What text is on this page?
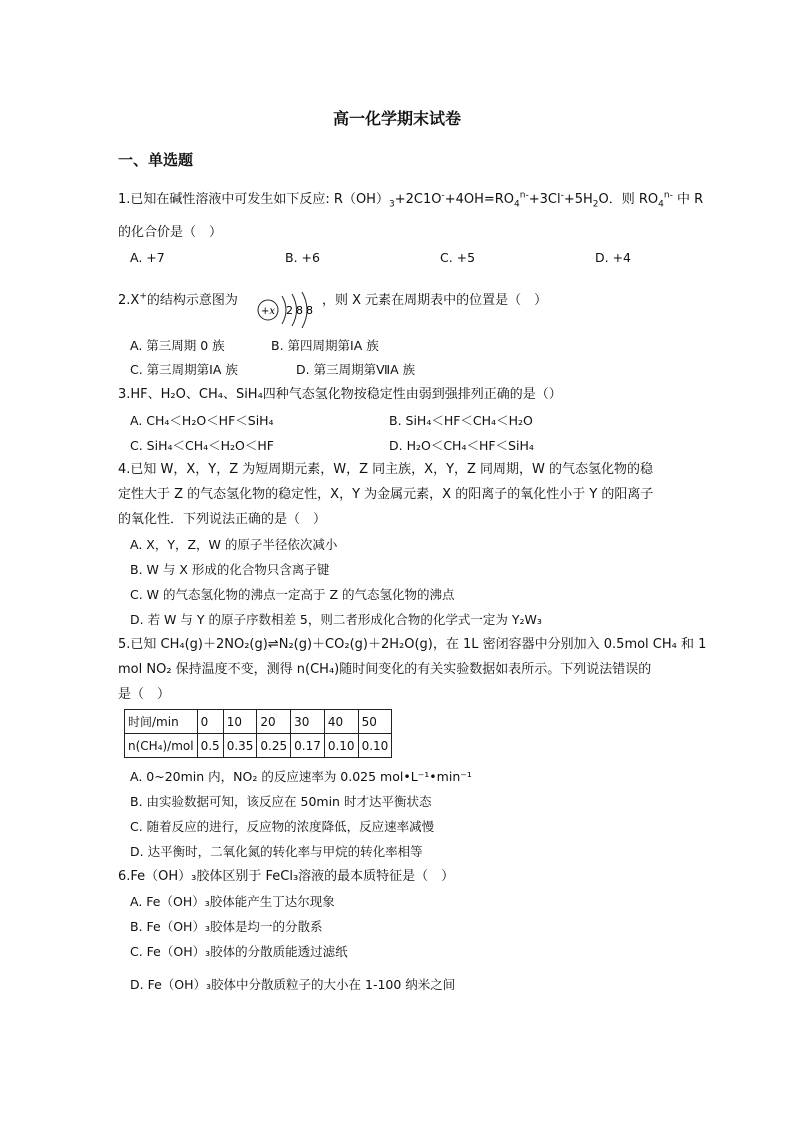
高一化学期末试卷
一、单选题
1.已知在碱性溶液中可发生如下反应: $R(OH)_3+2C1O^-+4OH=RO_4^{n-}+3Cl^-+5H_2O$．则 $RO_4^{n-}$ 中 R
的化合价是（　）
A. +7	B. +6	C. +5	D. +4
2.X+的结构示意图为
+x 2 8 8
，则 X 元素在周期表中的位置是（　）
A. 第三周期 0 族	B. 第四周期第ⅠA 族
C. 第三周期第ⅠA 族	D. 第三周期第ⅦA 族
3.HF、H₂O、CH₄、SiH₄四种气态氢化物按稳定性由弱到强排列正确的是（）
A. CH₄＜H₂O＜HF＜SiH₄	B. SiH₄＜HF＜CH₄＜H₂O
C. SiH₄＜CH₄＜H₂O＜HF	D. H₂O＜CH₄＜HF＜SiH₄
4.已知 W，X，Y，Z 为短周期元素，W，Z 同主族，X，Y，Z 同周期，W 的气态氢化物的稳
定性大于 Z 的气态氢化物的稳定性，X，Y 为金属元素，X 的阳离子的氧化性小于 Y 的阳离子
的氧化性．下列说法正确的是（　）
A. X，Y，Z，W 的原子半径依次减小
B. W 与 X 形成的化合物只含离子键
C. W 的气态氢化物的沸点一定高于 Z 的气态氢化物的沸点
D. 若 W 与 Y 的原子序数相差 5，则二者形成化合物的化学式一定为 Y₂W₃
5.已知 CH₄(g)＋2NO₂(g)⇌N₂(g)＋CO₂(g)＋2H₂O(g)，在 1L 密闭容器中分别加入 0.5mol CH₄ 和 1
mol NO₂ 保持温度不变，测得 n(CH₄)随时间变化的有关实验数据如表所示。下列说法错误的
是（　）
时间/min	0	10	20	30	40	50
n(CH₄)/mol	0.5	0.35	0.25	0.17	0.10	0.10
A. 0~20min 内，NO₂ 的反应速率为 0.025 mol•L⁻¹•min⁻¹
B. 由实验数据可知，该反应在 50min 时才达平衡状态
C. 随着反应的进行，反应物的浓度降低，反应速率减慢
D. 达平衡时，二氧化氮的转化率与甲烷的转化率相等
6.Fe（OH）₃胶体区别于 FeCl₃溶液的最本质特征是（　）
A. Fe（OH）₃胶体能产生丁达尔现象
B. Fe（OH）₃胶体是均一的分散系
C. Fe（OH）₃胶体的分散质能透过滤纸
D. Fe（OH）₃胶体中分散质粒子的大小在 1-100 纳米之间
